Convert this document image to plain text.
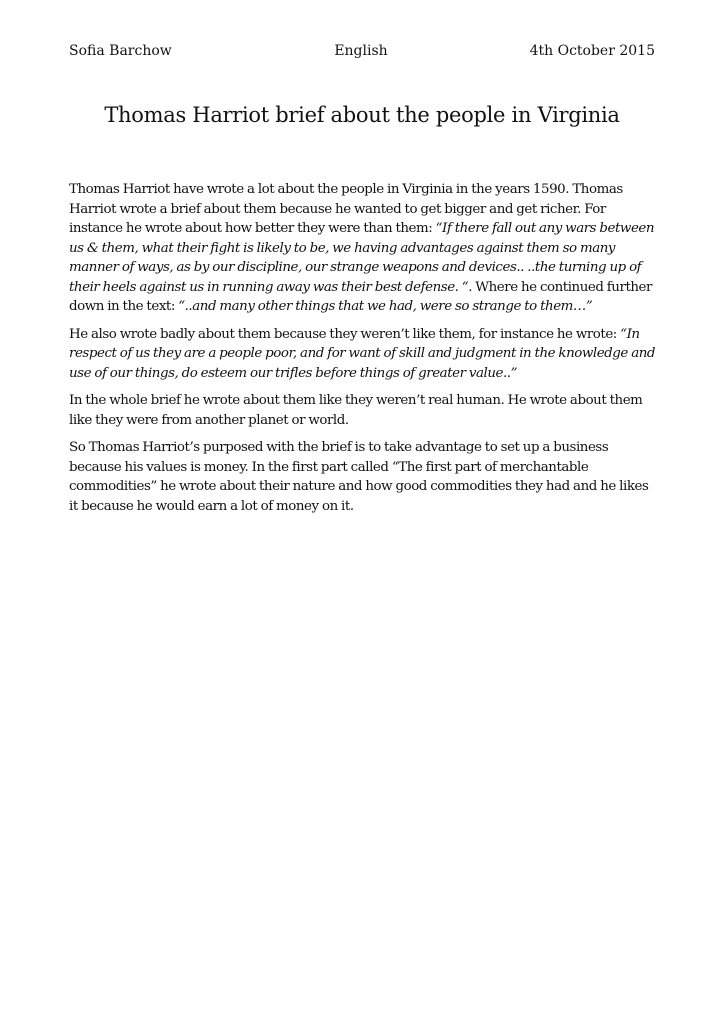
Sofia Barchow	English	4th October 2015
Thomas Harriot brief about the people in Virginia

Thomas Harriot have wrote a lot about the people in Virginia in the years 1590. Thomas Harriot wrote a brief about them because he wanted to get bigger and get richer. For instance he wrote about how better they were than them: “If there fall out any wars between us & them, what their fight is likely to be, we having advantages against them so many manner of ways, as by our discipline, our strange weapons and devices.. ..the turning up of their heels against us in running away was their best defense. “. Where he continued further down in the text: “..and many other things that we had, were so strange to them…”

He also wrote badly about them because they weren’t like them, for instance he wrote: “In respect of us they are a people poor, and for want of skill and judgment in the knowledge and use of our things, do esteem our trifles before things of greater value..”

In the whole brief he wrote about them like they weren’t real human. He wrote about them like they were from another planet or world.

So Thomas Harriot’s purposed with the brief is to take advantage to set up a business because his values is money. In the first part called “The first part of merchantable commodities” he wrote about their nature and how good commodities they had and he likes it because he would earn a lot of money on it.
